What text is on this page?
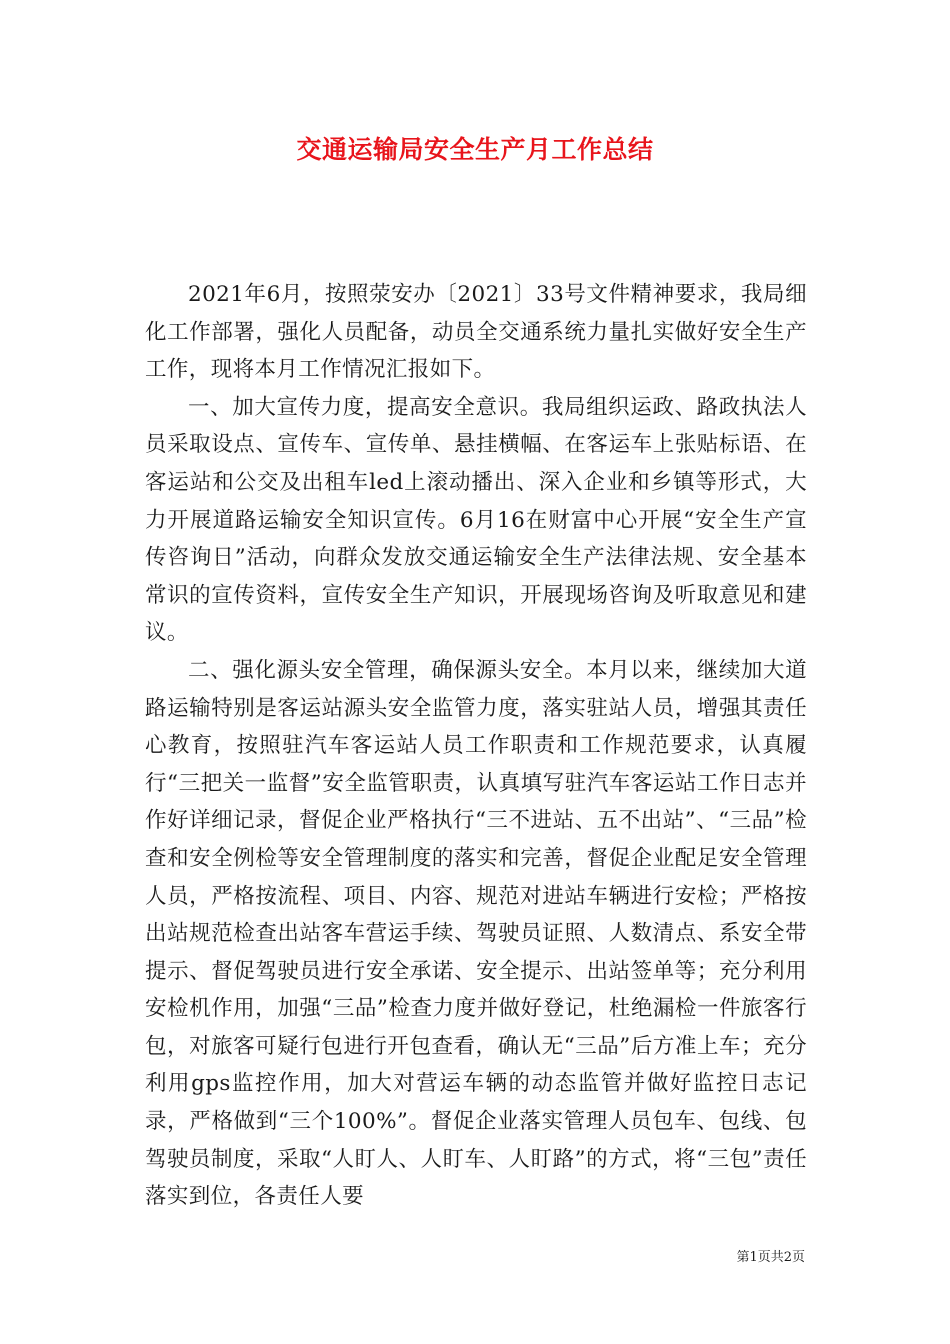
交通运输局安全生产月工作总结

2021年6月，按照荥安办〔2021〕33号文件精神要求，我局细化工作部署，强化人员配备，动员全交通系统力量扎实做好安全生产工作，现将本月工作情况汇报如下。

一、加大宣传力度，提高安全意识。我局组织运政、路政执法人员采取设点、宣传车、宣传单、悬挂横幅、在客运车上张贴标语、在客运站和公交及出租车led上滚动播出、深入企业和乡镇等形式，大力开展道路运输安全知识宣传。6月16在财富中心开展“安全生产宣传咨询日”活动，向群众发放交通运输安全生产法律法规、安全基本常识的宣传资料，宣传安全生产知识，开展现场咨询及听取意见和建议。

二、强化源头安全管理，确保源头安全。本月以来，继续加大道路运输特别是客运站源头安全监管力度，落实驻站人员，增强其责任心教育，按照驻汽车客运站人员工作职责和工作规范要求，认真履行“三把关一监督”安全监管职责，认真填写驻汽车客运站工作日志并作好详细记录，督促企业严格执行“三不进站、五不出站”、“三品”检查和安全例检等安全管理制度的落实和完善，督促企业配足安全管理人员，严格按流程、项目、内容、规范对进站车辆进行安检；严格按出站规范检查出站客车营运手续、驾驶员证照、人数清点、系安全带提示、督促驾驶员进行安全承诺、安全提示、出站签单等；充分利用安检机作用，加强“三品”检查力度并做好登记，杜绝漏检一件旅客行包，对旅客可疑行包进行开包查看，确认无“三品”后方准上车；充分利用gps监控作用，加大对营运车辆的动态监管并做好监控日志记录，严格做到“三个100%”。督促企业落实管理人员包车、包线、包驾驶员制度，采取“人盯人、人盯车、人盯路”的方式，将“三包”责任落实到位，各责任人要

第1页共2页
